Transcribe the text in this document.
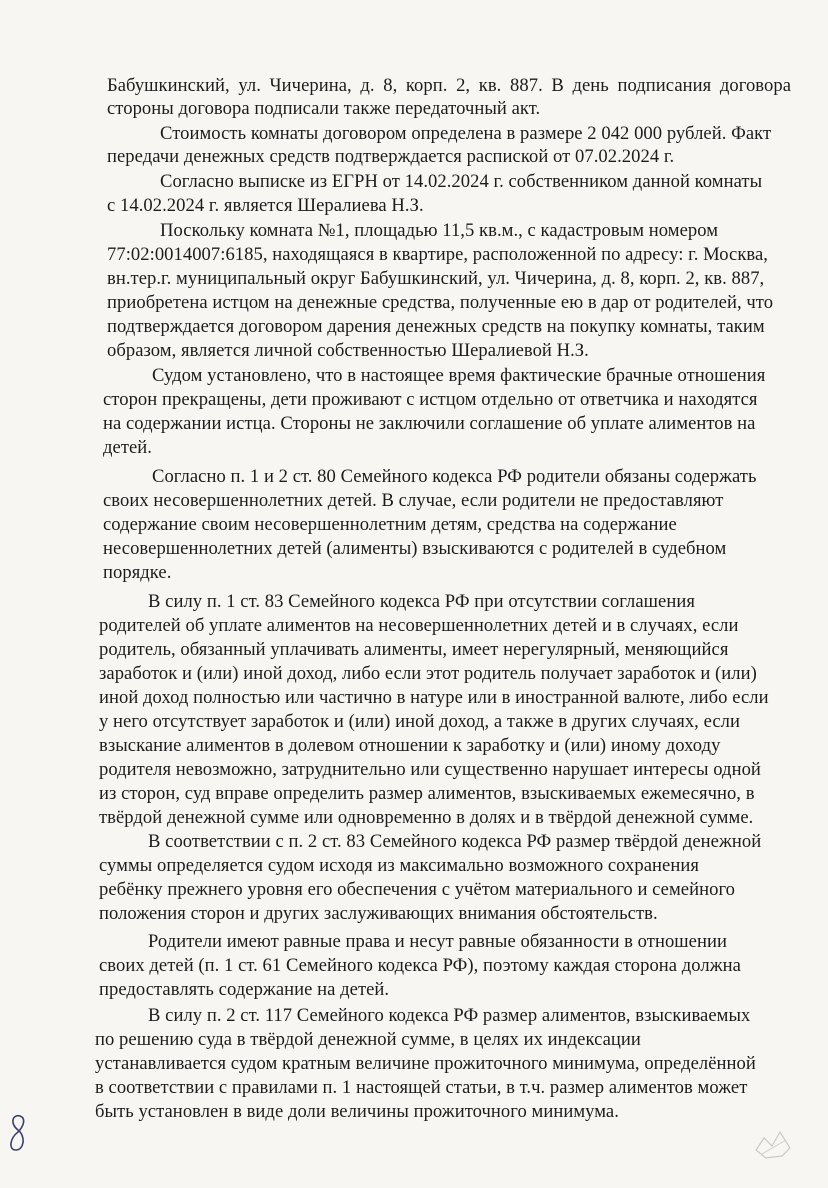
Бабушкинский, ул. Чичерина, д. 8, корп. 2, кв. 887. В день подписания договора
стороны договора подписали также передаточный акт.
Стоимость комнаты договором определена в размере 2 042 000 рублей. Факт
передачи денежных средств подтверждается распиской от 07.02.2024 г.
Согласно выписке из ЕГРН от 14.02.2024 г. собственником данной комнаты
с 14.02.2024 г. является Шералиева Н.З.
Поскольку комната №1, площадью 11,5 кв.м., с кадастровым номером
77:02:0014007:6185, находящаяся в квартире, расположенной по адресу: г. Москва,
вн.тер.г. муниципальный округ Бабушкинский, ул. Чичерина, д. 8, корп. 2, кв. 887,
приобретена истцом на денежные средства, полученные ею в дар от родителей, что
подтверждается договором дарения денежных средств на покупку комнаты, таким
образом, является личной собственностью Шералиевой Н.З.
Судом установлено, что в настоящее время фактические брачные отношения
сторон прекращены, дети проживают с истцом отдельно от ответчика и находятся
на содержании истца. Стороны не заключили соглашение об уплате алиментов на
детей.
Согласно п. 1 и 2 ст. 80 Семейного кодекса РФ родители обязаны содержать
своих несовершеннолетних детей. В случае, если родители не предоставляют
содержание своим несовершеннолетним детям, средства на содержание
несовершеннолетних детей (алименты) взыскиваются с родителей в судебном
порядке.
В силу п. 1 ст. 83 Семейного кодекса РФ при отсутствии соглашения
родителей об уплате алиментов на несовершеннолетних детей и в случаях, если
родитель, обязанный уплачивать алименты, имеет нерегулярный, меняющийся
заработок и (или) иной доход, либо если этот родитель получает заработок и (или)
иной доход полностью или частично в натуре или в иностранной валюте, либо если
у него отсутствует заработок и (или) иной доход, а также в других случаях, если
взыскание алиментов в долевом отношении к заработку и (или) иному доходу
родителя невозможно, затруднительно или существенно нарушает интересы одной
из сторон, суд вправе определить размер алиментов, взыскиваемых ежемесячно, в
твёрдой денежной сумме или одновременно в долях и в твёрдой денежной сумме.
В соответствии с п. 2 ст. 83 Семейного кодекса РФ размер твёрдой денежной
суммы определяется судом исходя из максимально возможного сохранения
ребёнку прежнего уровня его обеспечения с учётом материального и семейного
положения сторон и других заслуживающих внимания обстоятельств.
Родители имеют равные права и несут равные обязанности в отношении
своих детей (п. 1 ст. 61 Семейного кодекса РФ), поэтому каждая сторона должна
предоставлять содержание на детей.
В силу п. 2 ст. 117 Семейного кодекса РФ размер алиментов, взыскиваемых
по решению суда в твёрдой денежной сумме, в целях их индексации
устанавливается судом кратным величине прожиточного минимума, определённой
в соответствии с правилами п. 1 настоящей статьи, в т.ч. размер алиментов может
быть установлен в виде доли величины прожиточного минимума.
